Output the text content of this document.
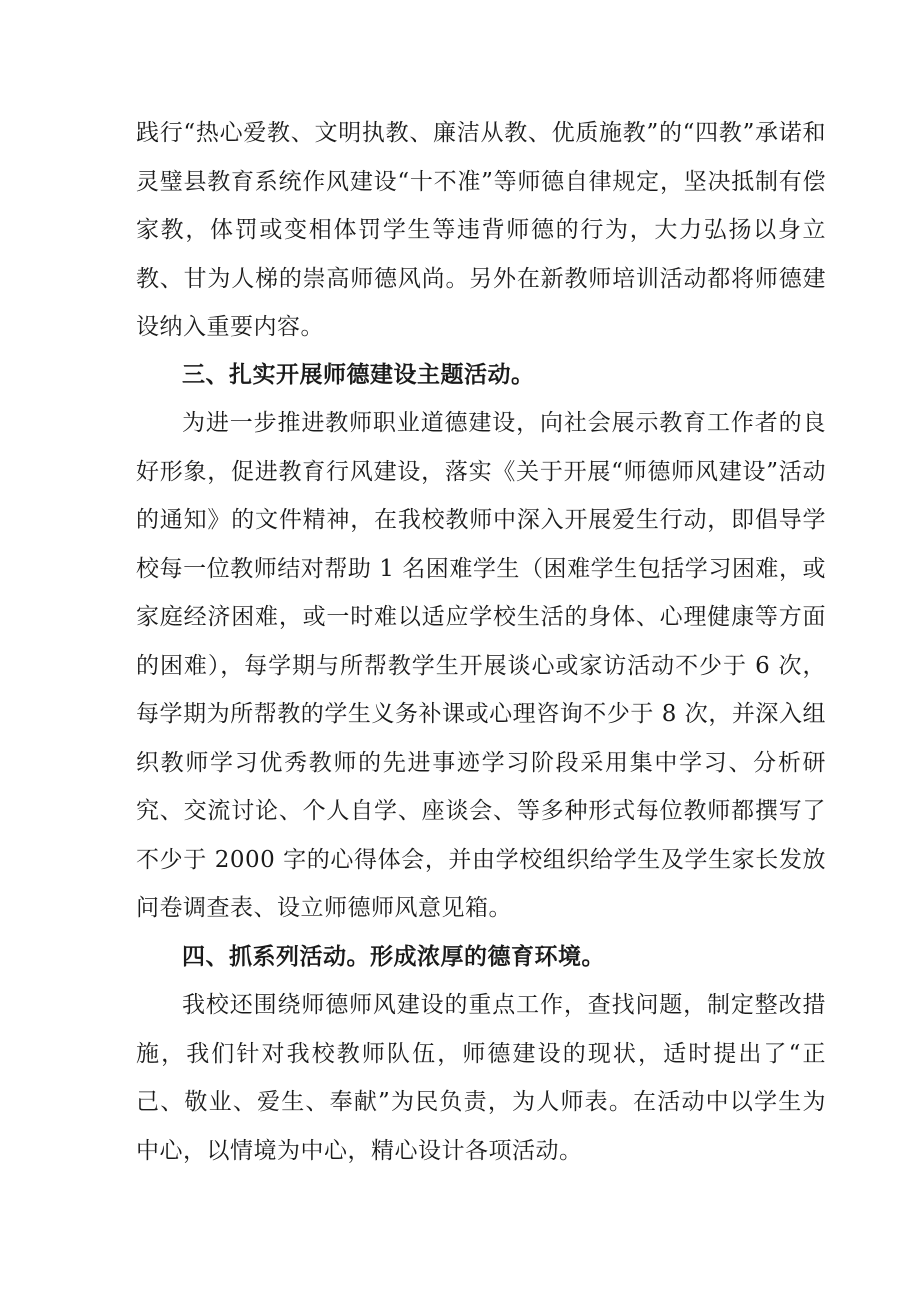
践行“热心爱教、文明执教、廉洁从教、优质施教”的“四教”承诺和灵璧县教育系统作风建设“十不准”等师德自律规定，坚决抵制有偿家教，体罚或变相体罚学生等违背师德的行为，大力弘扬以身立教、甘为人梯的崇高师德风尚。另外在新教师培训活动都将师德建设纳入重要内容。

三、扎实开展师德建设主题活动。

为进一步推进教师职业道德建设，向社会展示教育工作者的良好形象，促进教育行风建设，落实《关于开展“师德师风建设”活动的通知》的文件精神，在我校教师中深入开展爱生行动，即倡导学校每一位教师结对帮助 1 名困难学生（困难学生包括学习困难，或家庭经济困难，或一时难以适应学校生活的身体、心理健康等方面的困难），每学期与所帮教学生开展谈心或家访活动不少于 6 次，每学期为所帮教的学生义务补课或心理咨询不少于 8 次，并深入组织教师学习优秀教师的先进事迹学习阶段采用集中学习、分析研究、交流讨论、个人自学、座谈会、等多种形式每位教师都撰写了不少于 2000 字的心得体会，并由学校组织给学生及学生家长发放问卷调查表、设立师德师风意见箱。

四、抓系列活动。形成浓厚的德育环境。

我校还围绕师德师风建设的重点工作，查找问题，制定整改措施，我们针对我校教师队伍，师德建设的现状，适时提出了“正己、敬业、爱生、奉献”为民负责，为人师表。在活动中以学生为中心，以情境为中心，精心设计各项活动。
